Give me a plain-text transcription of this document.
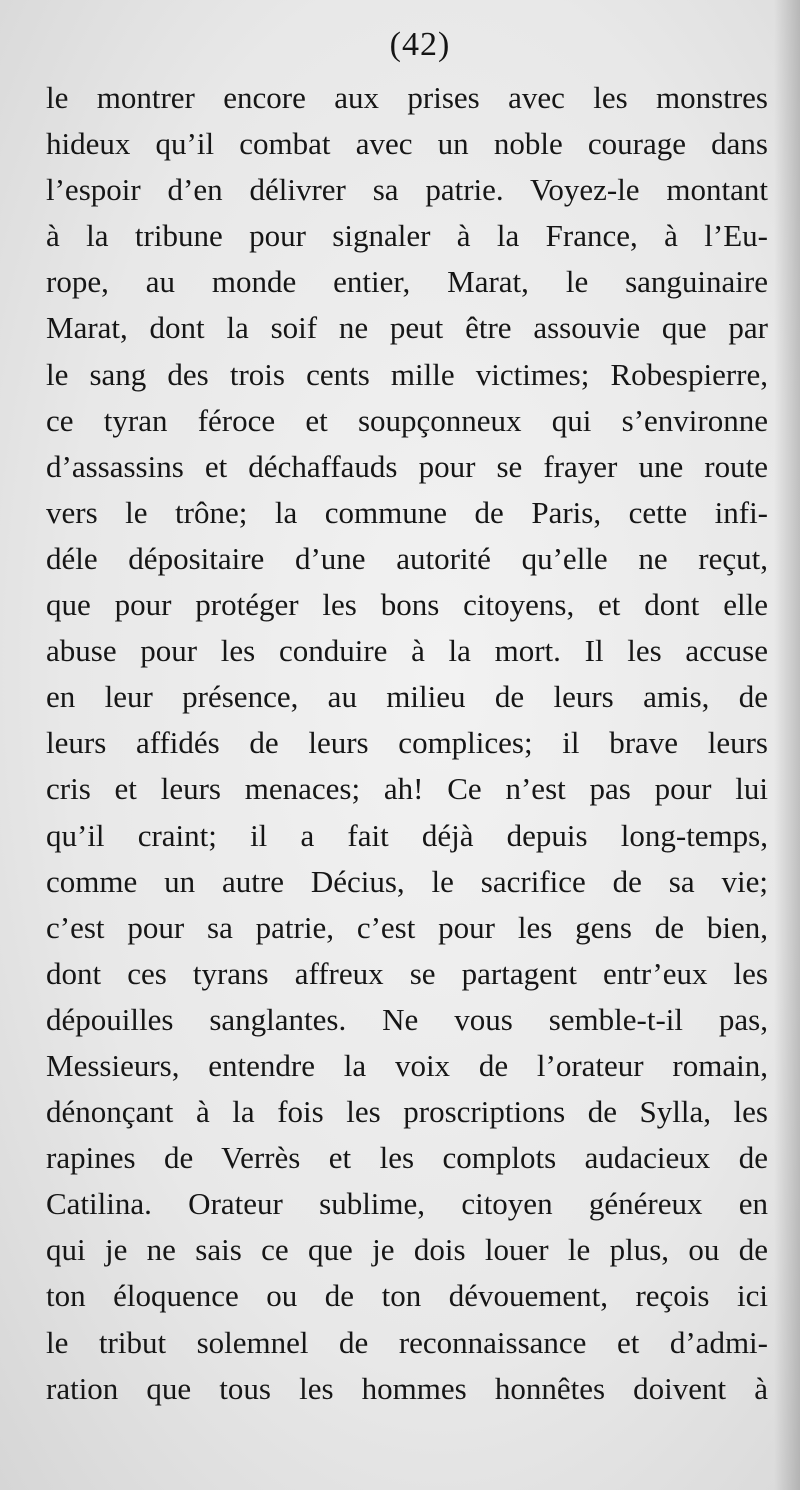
(42)
le montrer encore aux prises avec les monstres
hideux qu’il combat avec un noble courage dans
l’espoir d’en délivrer sa patrie. Voyez-le montant
à la tribune pour signaler à la France, à l’Eu-
rope, au monde entier, Marat, le sanguinaire
Marat, dont la soif ne peut être assouvie que par
le sang des trois cents mille victimes; Robespierre,
ce tyran féroce et soupçonneux qui s’environne
d’assassins et déchaffauds pour se frayer une route
vers le trône; la commune de Paris, cette infi-
déle dépositaire d’une autorité qu’elle ne reçut,
que pour protéger les bons citoyens, et dont elle
abuse pour les conduire à la mort. Il les accuse
en leur présence, au milieu de leurs amis, de
leurs affidés de leurs complices; il brave leurs
cris et leurs menaces; ah! Ce n’est pas pour lui
qu’il craint; il a fait déjà depuis long-temps,
comme un autre Décius, le sacrifice de sa vie;
c’est pour sa patrie, c’est pour les gens de bien,
dont ces tyrans affreux se partagent entr’eux les
dépouilles sanglantes. Ne vous semble-t-il pas,
Messieurs, entendre la voix de l’orateur romain,
dénonçant à la fois les proscriptions de Sylla, les
rapines de Verrès et les complots audacieux de
Catilina. Orateur sublime, citoyen généreux en
qui je ne sais ce que je dois louer le plus, ou de
ton éloquence ou de ton dévouement, reçois ici
le tribut solemnel de reconnaissance et d’admi-
ration que tous les hommes honnêtes doivent à
